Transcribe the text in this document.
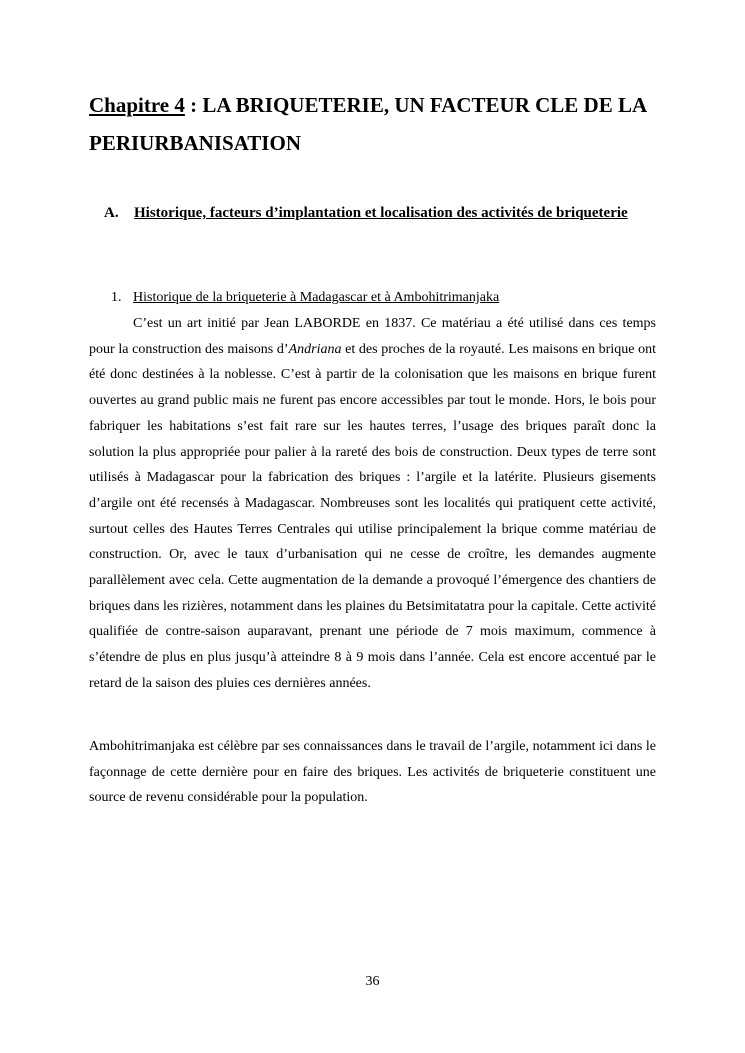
Chapitre 4 : LA BRIQUETERIE, UN FACTEUR CLE DE LA PERIURBANISATION
A. Historique, facteurs d’implantation et localisation des activités de briqueterie
1. Historique de la briqueterie à Madagascar et à Ambohitrimanjaka

C’est un art initié par Jean LABORDE en 1837. Ce matériau a été utilisé dans ces temps pour la construction des maisons d’Andriana et des proches de la royauté. Les maisons en brique ont été donc destinées à la noblesse. C’est à partir de la colonisation que les maisons en brique furent ouvertes au grand public mais ne furent pas encore accessibles par tout le monde. Hors, le bois pour fabriquer les habitations s’est fait rare sur les hautes terres, l’usage des briques paraît donc la solution la plus appropriée pour palier à la rareté des bois de construction. Deux types de terre sont utilisés à Madagascar pour la fabrication des briques : l’argile et la latérite. Plusieurs gisements d’argile ont été recensés à Madagascar. Nombreuses sont les localités qui pratiquent cette activité, surtout celles des Hautes Terres Centrales qui utilise principalement la brique comme matériau de construction. Or, avec le taux d’urbanisation qui ne cesse de croître, les demandes augmente parallèlement avec cela. Cette augmentation de la demande a provoqué l’émergence des chantiers de briques dans les rizières, notamment dans les plaines du Betsimitatatra pour la capitale. Cette activité qualifiée de contre-saison auparavant, prenant une période de 7 mois maximum, commence à s’étendre de plus en plus jusqu’à atteindre 8 à 9 mois dans l’année. Cela est encore accentué par le retard de la saison des pluies ces dernières années.

Ambohitrimanjaka est célèbre par ses connaissances dans le travail de l’argile, notamment ici dans le façonnage de cette dernière pour en faire des briques. Les activités de briqueterie constituent une source de revenu considérable pour la population.

36
